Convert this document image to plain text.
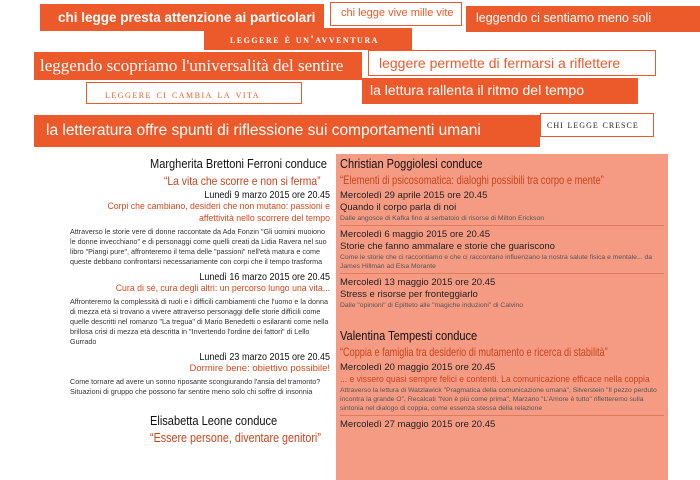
chi legge presta attenzione ai particolari	chi legge vive mille vite	leggendo ci sentiamo meno soli
leggere è un'avventura
leggendo scopriamo l'universalità del sentire	leggere permette di fermarsi a riflettere
leggere ci cambia la vita	la lettura rallenta il ritmo del tempo
la letteratura offre spunti di riflessione sui comportamenti umani	chi legge cresce
Margherita Brettoni Ferroni conduce
“La vita che scorre e non si ferma”
Lunedì 9 marzo 2015 ore 20.45
Corpi che cambiano, desideri che non mutano: passioni e affettività nello scorrere del tempo
Attraverso le storie vere di donne raccontate da Ada Fonzin "Gli uomini muoiono le donne invecchiano" e di personaggi come quelli creati da Lidia Ravera nel suo libro "Piangi pure", affronteremo il tema delle "passioni" nell'età matura e come queste debbano confrontarsi necessariamente con corpi che il tempo trasforma
Lunedì 16 marzo 2015 ore 20.45
Cura di sé, cura degli altri: un percorso lungo una vita...
Affronteremo la complessità di ruoli e i difficili cambiamenti che l'uomo e la donna di mezza età si trovano a vivere attraverso personaggi delle storie difficili come quelle descritti nel romanzo "La tregua" di Mario Benedetti o esilaranti come nella brillosa crisi di mezza età descritta in "Invertendo l'ordine dei fattori" di Lello Gurrado
Lunedì 23 marzo 2015 ore 20.45
Dormire bene: obiettivo possibile!
Come tornare ad avere un sonno riposante scongiurando l'ansia del tramonto? Situazioni di gruppo che possono far sentire meno solo chi soffre di insonnia
Elisabetta Leone conduce
“Essere persone, diventare genitori”
Christian Poggiolesi conduce
“Elementi di psicosomatica: dialoghi possibili tra corpo e mente”
Mercoledì 29 aprile 2015 ore 20.45
Quando il corpo parla di noi
Dalle angosce di Kafka fino al serbatoio di risorse di Milton Erickson
Mercoledì 6 maggio 2015 ore 20.45
Storie che fanno ammalare e storie che guariscono
Come le storie che ci raccontiamo e che ci raccontano influenzano la nostra salute fisica e mentale... da James Hillman ad Elsa Morante
Mercoledì 13 maggio 2015 ore 20.45
Stress e risorse per fronteggiarlo
Dalle "opinioni" di Epitteto alle "magiche induzioni" di Calvino
Valentina Tempesti conduce
“Coppia e famiglia tra desiderio di mutamento e ricerca di stabilità”
Mercoledì 20 maggio 2015 ore 20.45
... e vissero quasi sempre felici e contenti. La comunicazione efficace nella coppia
Attraverso la lettura di Watzlawick "Pragmatica della comunicazione umana", Silverstein "Il pezzo perduto incontra la grande O", Recalcati "Non è più come prima", Marzano "L'Amore è tutto" rifletteremo sulla sintonia nel dialogo di coppia, come essenza stessa della relazione
Mercoledì 27 maggio 2015 ore 20.45
